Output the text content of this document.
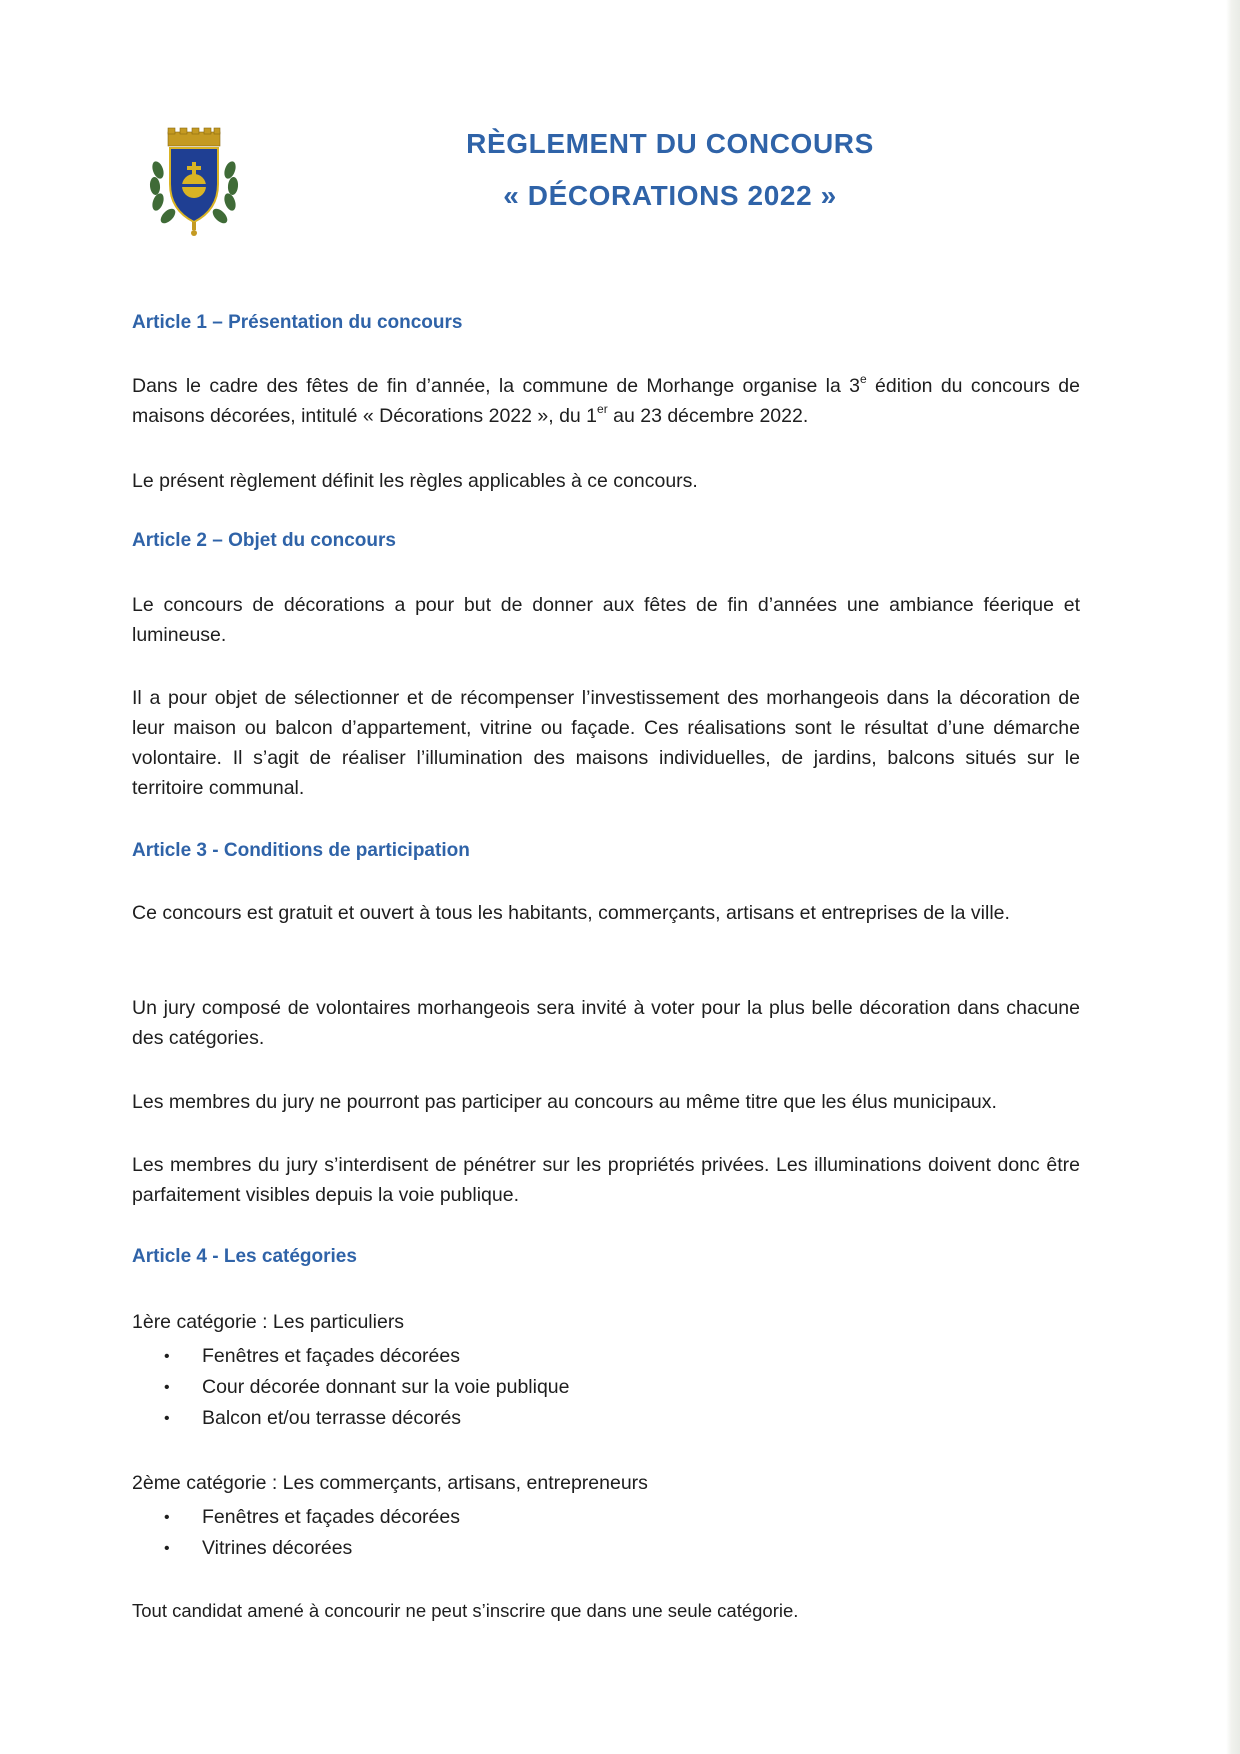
RÈGLEMENT DU CONCOURS
« DÉCORATIONS 2022 »
Article 1 – Présentation du concours

Dans le cadre des fêtes de fin d’année, la commune de Morhange organise la 3e édition du concours de maisons décorées, intitulé « Décorations 2022 », du 1er au 23 décembre 2022.

Le présent règlement définit les règles applicables à ce concours.

Article 2 – Objet du concours

Le concours de décorations a pour but de donner aux fêtes de fin d’années une ambiance féerique et lumineuse.

Il a pour objet de sélectionner et de récompenser l’investissement des morhangeois dans la décoration de leur maison ou balcon d’appartement, vitrine ou façade. Ces réalisations sont le résultat d’une démarche volontaire. Il s’agit de réaliser l’illumination des maisons individuelles, de jardins, balcons situés sur le territoire communal.

Article 3 - Conditions de participation

Ce concours est gratuit et ouvert à tous les habitants, commerçants, artisans et entreprises de la ville.

Un jury composé de volontaires morhangeois sera invité à voter pour la plus belle décoration dans chacune des catégories.

Les membres du jury ne pourront pas participer au concours au même titre que les élus municipaux.

Les membres du jury s’interdisent de pénétrer sur les propriétés privées. Les illuminations doivent donc être parfaitement visibles depuis la voie publique.

Article 4 - Les catégories

1ère catégorie : Les particuliers

• Fenêtres et façades décorées
• Cour décorée donnant sur la voie publique
• Balcon et/ou terrasse décorés

2ème catégorie : Les commerçants, artisans, entrepreneurs

• Fenêtres et façades décorées
• Vitrines décorées

Tout candidat amené à concourir ne peut s’inscrire que dans une seule catégorie.
